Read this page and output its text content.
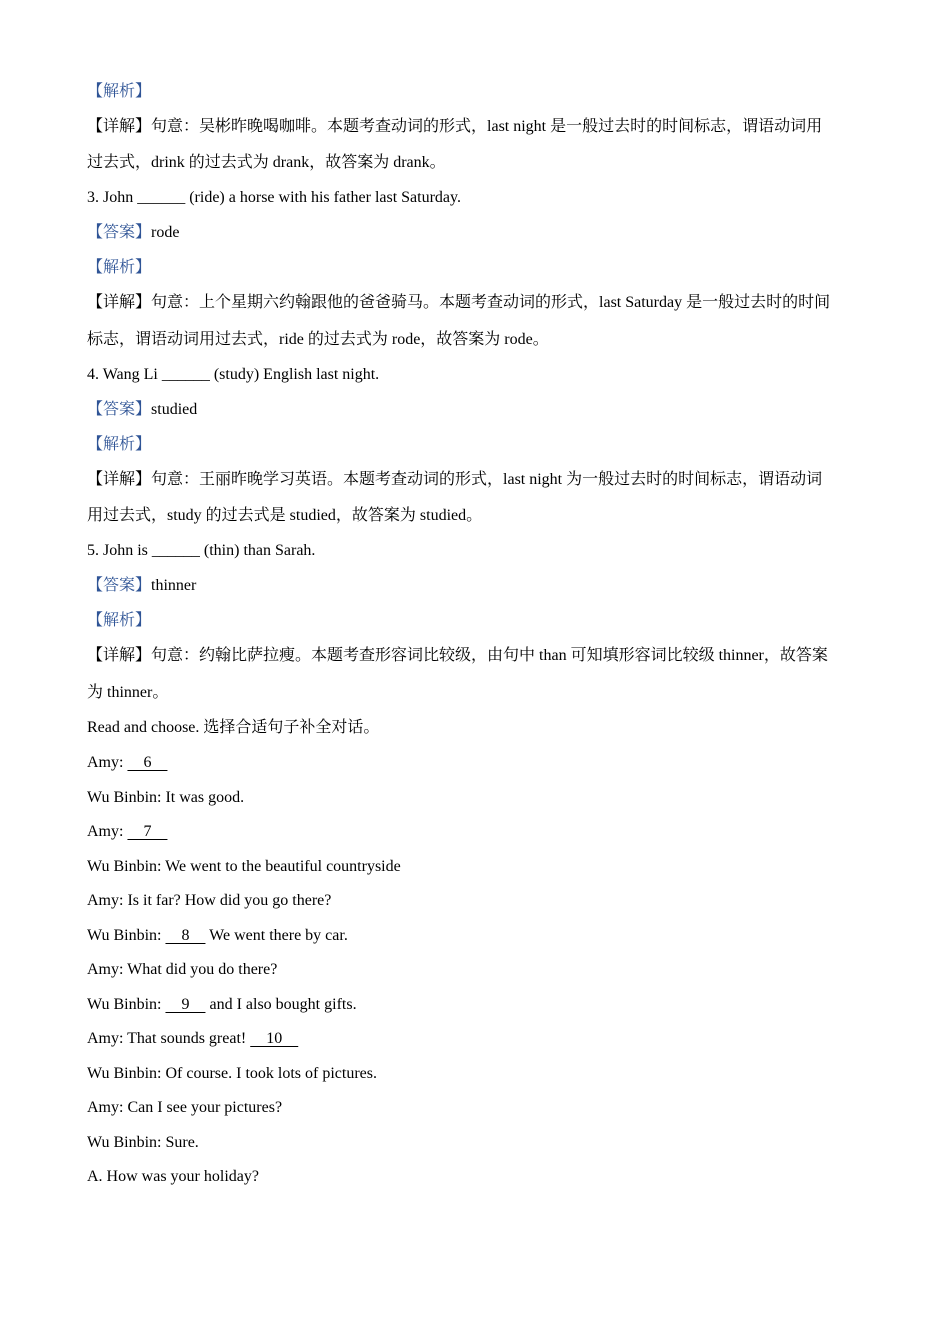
【解析】
【详解】句意：吴彬昨晚喝咖啡。本题考查动词的形式，last night 是一般过去时的时间标志，谓语动词用
过去式，drink 的过去式为 drank，故答案为 drank。
3. John ______ (ride) a horse with his father last Saturday.
【答案】rode
【解析】
【详解】句意：上个星期六约翰跟他的爸爸骑马。本题考查动词的形式，last Saturday 是一般过去时的时间
标志，谓语动词用过去式，ride 的过去式为 rode，故答案为 rode。
4. Wang Li ______ (study) English last night.
【答案】studied
【解析】
【详解】句意：王丽昨晚学习英语。本题考查动词的形式，last night 为一般过去时的时间标志，谓语动词
用过去式，study 的过去式是 studied，故答案为 studied。
5. John is ______ (thin) than Sarah.
【答案】thinner
【解析】
【详解】句意：约翰比萨拉瘦。本题考查形容词比较级，由句中 than 可知填形容词比较级 thinner，故答案
为 thinner。
Read and choose. 选择合适句子补全对话。
Amy:     6
Wu Binbin: It was good.
Amy:     7
Wu Binbin: We went to the beautiful countryside
Amy: Is it far? How did you go there?
Wu Binbin:     8     We went there by car.
Amy: What did you do there?
Wu Binbin:     9     and I also bought gifts.
Amy: That sounds great!     10
Wu Binbin: Of course. I took lots of pictures.
Amy: Can I see your pictures?
Wu Binbin: Sure.
A. How was your holiday?
